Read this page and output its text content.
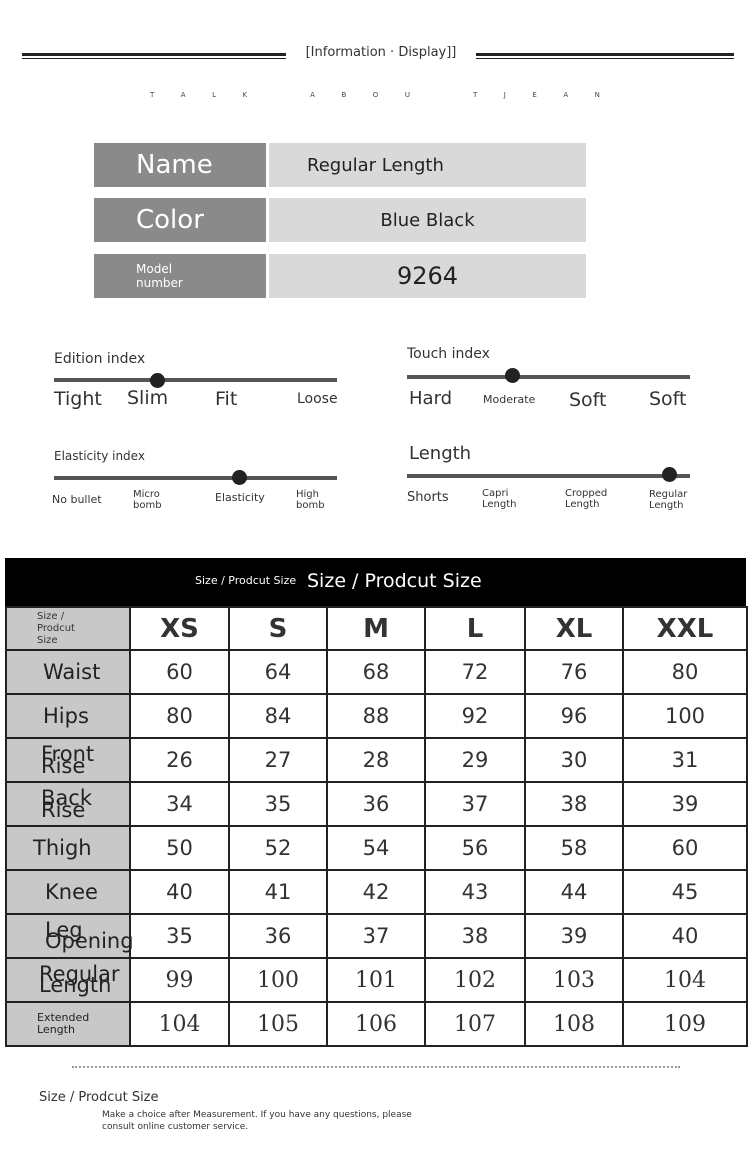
[Information · Display]]
T	A	L	K	A	B	O	U	T	J	E	A	N
Name	Regular Length
Color	Blue Black
Model
number	9264
Edition index
Tight Slim Fit	Loose
Touch index
Hard	Moderate Soft Soft
Elasticity index
No bullet	Micro
bomb
Elasticity	High
bomb
Length
Shorts	Capri
Length
Cropped
Length
Regular
Length
Size / Prodcut Size Size / Prodcut Size
Size /
Prodcut
Size	XS	S	M	L	XL	XXL
Waist	60	64	68	72	76	80
Hips	80	84	88	92	96	100
Front Rise	26	27	28	29	30	31
Back Rise	34	35	36	37	38	39
Thigh	50	52	54	56	58	60
Knee	40	41	42	43	44	45
Leg
Opening	35	36	37	38	39	40
Regular
Length	99	100	101	102	103	104
Extended
Length	104	105	106	107	108	109
Size / Prodcut Size
Make a choice after Measurement. If you have any questions, please consult online customer service.
